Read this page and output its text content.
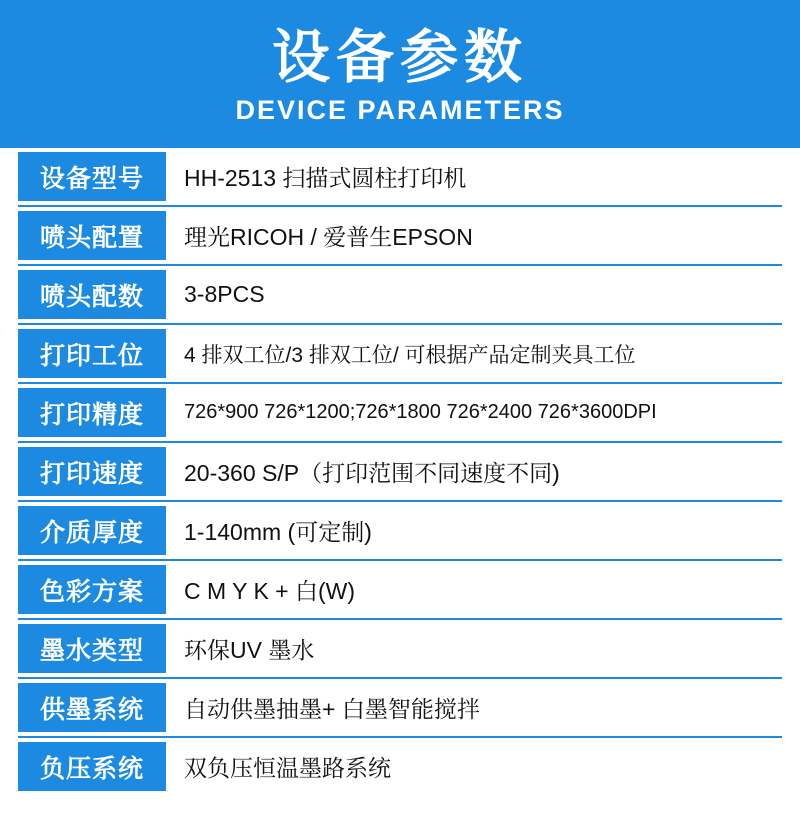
设备参数
DEVICE PARAMETERS
设备型号	HH-2513 扫描式圆柱打印机
喷头配置	理光RICOH / 爱普生EPSON
喷头配数	3-8PCS
打印工位	4 排双工位/3 排双工位/ 可根据产品定制夹具工位
打印精度	726*900 726*1200;726*1800 726*2400 726*3600DPI
打印速度	20-360 S/P（打印范围不同速度不同)
介质厚度	1-140mm (可定制)
色彩方案	C M Y K + 白(W)
墨水类型	环保UV 墨水
供墨系统	自动供墨抽墨+ 白墨智能搅拌
负压系统	双负压恒温墨路系统
